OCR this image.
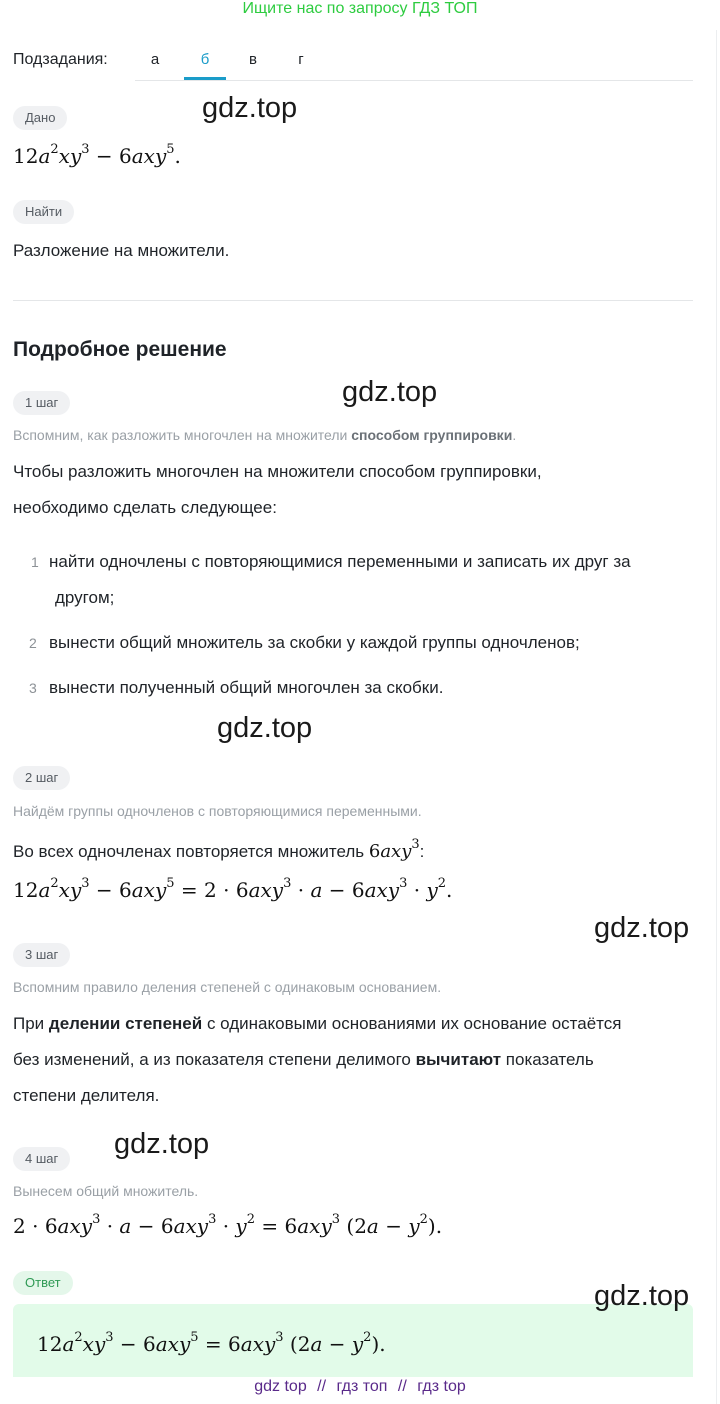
Ищите нас по запросу ГДЗ ТОП
Подзадания:	а	б	в	г
Дано	gdz.top
$12a^2xy^3 - 6axy^5$.
Найти
Разложение на множители.
Подробное решение
1 шаг	gdz.top
Вспомним, как разложить многочлен на множители способом группировки.
Чтобы разложить многочлен на множители способом группировки,
необходимо сделать следующее:
1 найти одночлены с повторяющимися переменными и записать их друг за
другом;
2 вынести общий множитель за скобки у каждой группы одночленов;
3 вынести полученный общий многочлен за скобки.
gdz.top
2 шаг
Найдём группы одночленов с повторяющимися переменными.
Во всех одночленах повторяется множитель 6axy$^3$:
$12a^2xy^3 - 6axy^5 = 2 \cdot 6axy^3 \cdot a - 6axy^3 \cdot y^2$.
gdz.top
3 шаг
Вспомним правило деления степеней с одинаковым основанием.
При делении степеней с одинаковыми основаниями их основание остаётся
без изменений, а из показателя степени делимого вычитают показатель
степени делителя.
4 шаг	gdz.top
Вынесем общий множитель.
$2 \cdot 6axy^3 \cdot a - 6axy^3 \cdot y^2 = 6axy^3$ $(2a - y^2)$.
Ответ
$12a^2xy^3 - 6axy^5 = 6axy^3$ $(2a - y^2)$.
gdz.top
gdz top // гдз топ // гдз top
